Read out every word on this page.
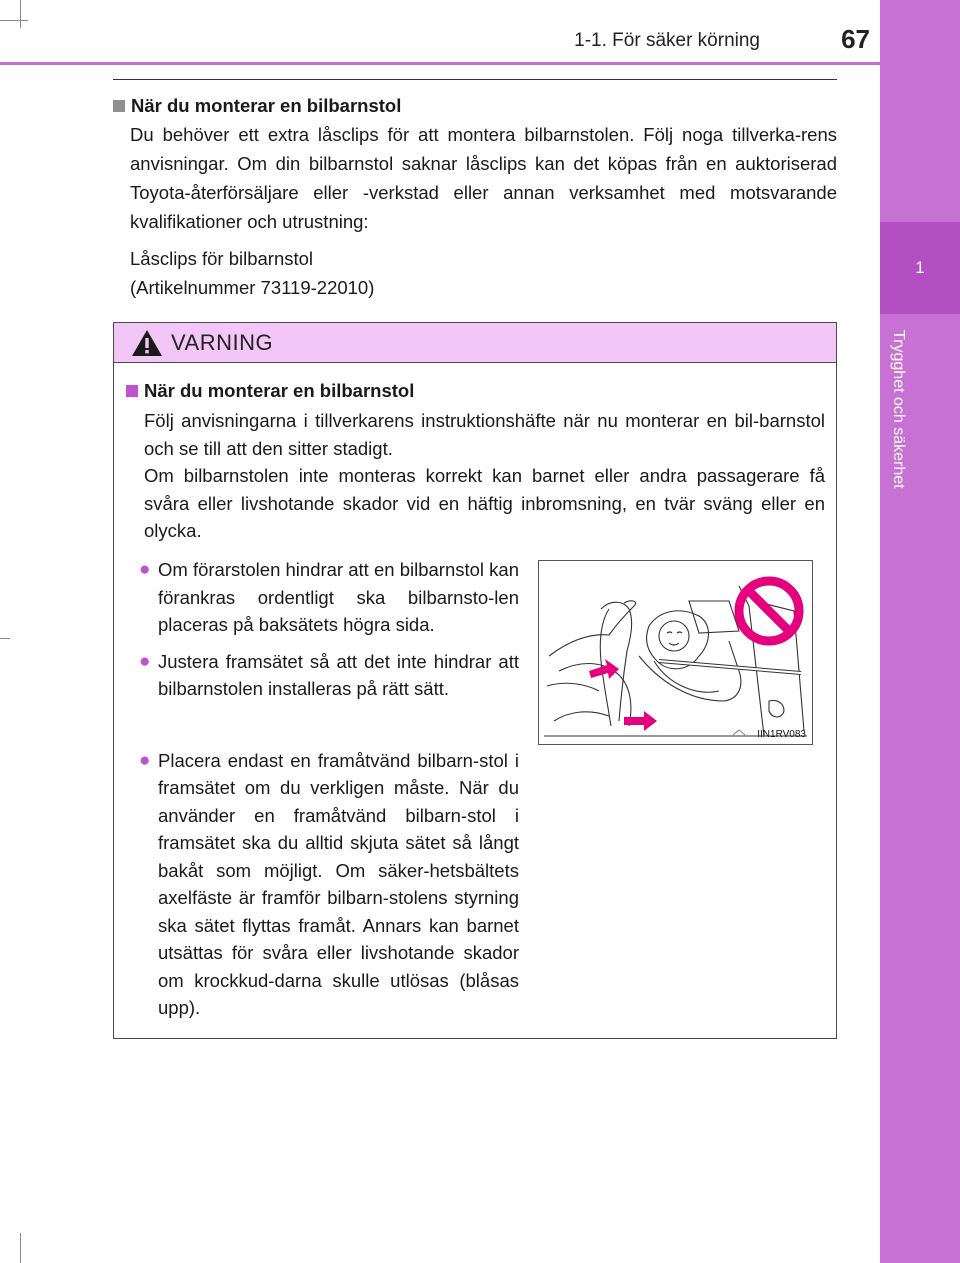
1-1. För säker körning	67
1
Trygghet och säkerhet
När du monterar en bilbarnstol

Du behöver ett extra låsclips för att montera bilbarnstolen. Följ noga tillverka-rens anvisningar. Om din bilbarnstol saknar låsclips kan det köpas från en auktoriserad Toyota-återförsäljare eller -verkstad eller annan verksamhet med motsvarande kvalifikationer och utrustning:

Låsclips för bilbarnstol
(Artikelnummer 73119-22010)

VARNING
När du monterar en bilbarnstol

Följ anvisningarna i tillverkarens instruktionshäfte när nu monterar en bil-barnstol och se till att den sitter stadigt.
Om bilbarnstolen inte monteras korrekt kan barnet eller andra passagerare få svåra eller livshotande skador vid en häftig inbromsning, en tvär sväng eller en olycka.

● Om förarstolen hindrar att en bilbarnstol kan förankras ordentligt ska bilbarnsto-len placeras på baksätets högra sida.

● Justera framsätet så att det inte hindrar att bilbarnstolen installeras på rätt sätt.

● Placera endast en framåtvänd bilbarn-stol i framsätet om du verkligen måste. När du använder en framåtvänd bilbarn-stol i framsätet ska du alltid skjuta sätet så långt bakåt som möjligt. Om säker-hetsbältets axelfäste är framför bilbarn-stolens styrning ska sätet flyttas framåt. Annars kan barnet utsättas för svåra eller livshotande skador om krockkud-darna skulle utlösas (blåsas upp).

IIN1RV083
